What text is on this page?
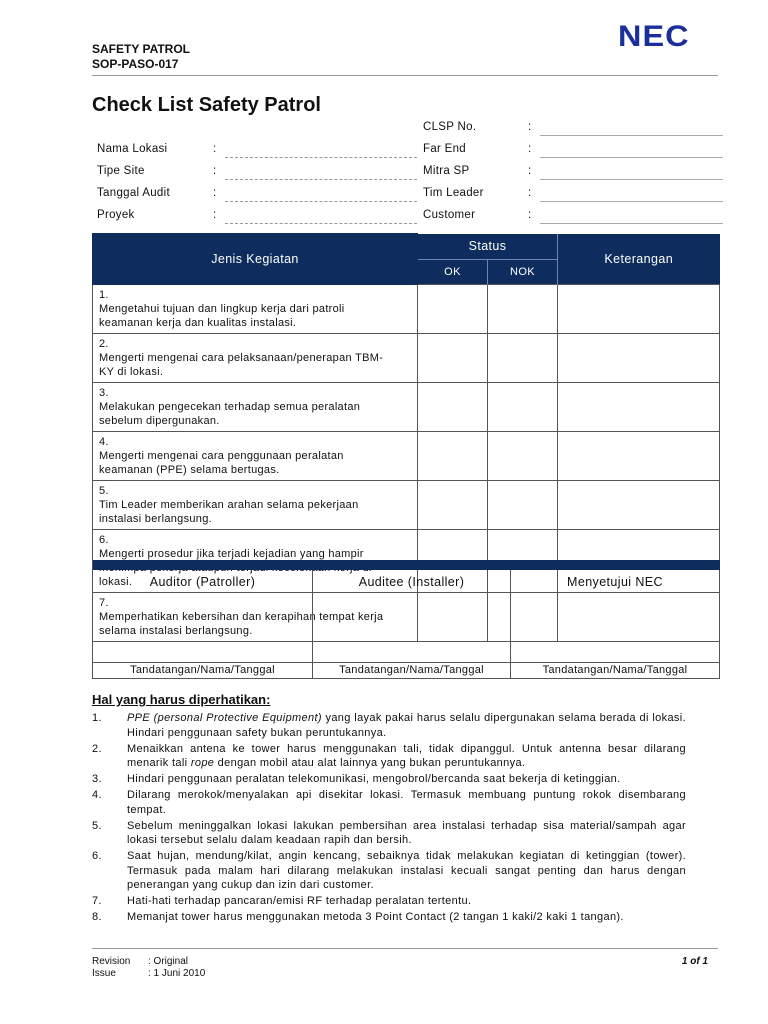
SAFETY PATROL
SOP-PASO-017
NEC
Check List Safety Patrol
Nama Lokasi	:
Tipe Site	:
Tanggal Audit	:
Proyek	:
CLSP No.	:
Far End	:
Mitra SP	:
Tim Leader	:
Customer	:
Jenis Kegiatan	Status		Keterangan
	OK	NOK	
1.Mengetahui tujuan dan lingkup kerja dari patroli keamanan kerja dan kualitas instalasi.			
2.Mengerti mengenai cara pelaksanaan/penerapan TBM-KY di lokasi.			
3.Melakukan pengecekan terhadap semua peralatan sebelum dipergunakan.			
4.Mengerti mengenai cara penggunaan peralatan keamanan (PPE) selama bertugas.			
5.Tim Leader memberikan arahan selama pekerjaan instalasi berlangsung.			
6.Mengerti prosedur jika terjadi kejadian yang hampir lokasi.			
7.Memperhatikan kebersihan dan kerapihan tempat kerja selama instalasi berlangsung.			

Auditor (Patroller)	Auditee (Installer)	Menyetujui NEC

Tandatangan/Nama/Tanggal	Tandatangan/Nama/Tanggal	Tandatangan/Nama/Tanggal
Hal yang harus diperhatikan:
1. PPE (personal Protective Equipment) yang layak pakai harus selalu dipergunakan selama berada di lokasi. Hindari penggunaan safety bukan peruntukannya.
2. Menaikkan antena ke tower harus menggunakan tali, tidak dipanggul. Untuk antenna besar dilarang menarik tali rope dengan mobil atau alat lainnya yang bukan peruntukannya.
3. Hindari penggunaan peralatan telekomunikasi, mengobrol/bercanda saat bekerja di ketinggian.
4. Dilarang merokok/menyalakan api disekitar lokasi. Termasuk membuang puntung rokok disembarang tempat.
5. Sebelum meninggalkan lokasi lakukan pembersihan area instalasi terhadap sisa material/sampah agar lokasi tersebut selalu dalam keadaan rapih dan bersih.
6. Saat hujan, mendung/kilat, angin kencang, sebaiknya tidak melakukan kegiatan di ketinggian (tower). Termasuk pada malam hari dilarang melakukan instalasi kecuali sangat penting dan harus dengan penerangan yang cukup dan izin dari customer.
7. Hati-hati terhadap pancaran/emisi RF terhadap peralatan tertentu.
8. Memanjat tower harus menggunakan metoda 3 Point Contact (2 tangan 1 kaki/2 kaki 1 tangan).
Revision : Original
Issue	: 1 Juni 2010
1 of 1
